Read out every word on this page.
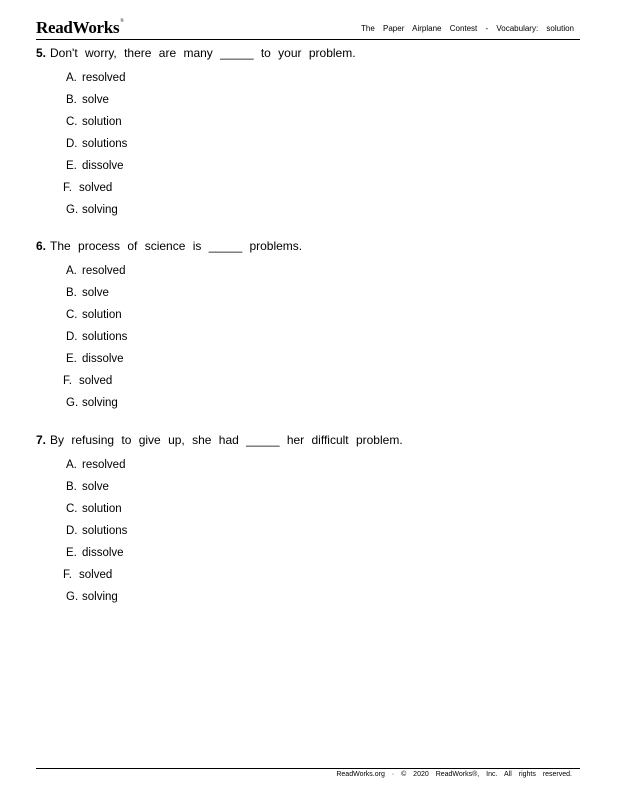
ReadWorks®
The Paper Airplane Contest - Vocabulary: solution
5. Don't worry, there are many _____ to your problem.
A. resolved
B. solve
C. solution
D. solutions
E. dissolve
F. solved
G. solving
6. The process of science is _____ problems.
A. resolved
B. solve
C. solution
D. solutions
E. dissolve
F. solved
G. solving
7. By refusing to give up, she had _____ her difficult problem.
A. resolved
B. solve
C. solution
D. solutions
E. dissolve
F. solved
G. solving
ReadWorks.org · © 2020 ReadWorks®, Inc. All rights reserved.
